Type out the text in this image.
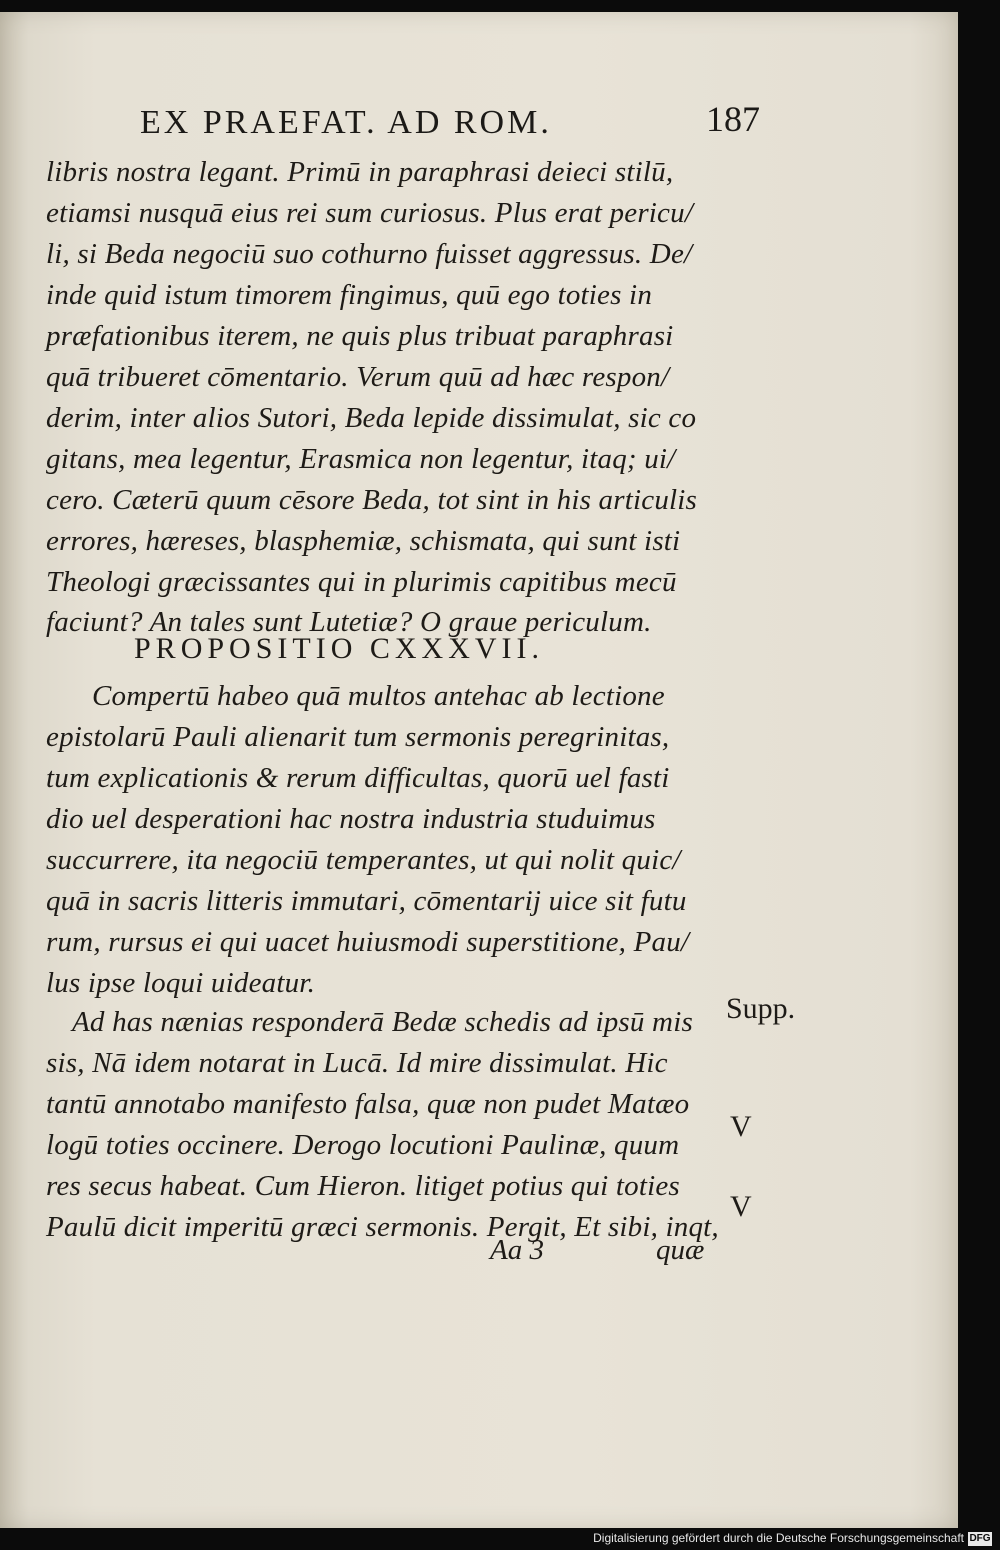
EX PRAEFAT. AD ROM.	187
libris nostra legant. Primū in paraphrasi deieci stilū,
etiamsi nusquā eius rei sum curiosus. Plus erat pericu/
li, si Beda negociū suo cothurno fuisset aggressus. De/
inde quid istum timorem fingimus, quū ego toties in
præfationibus iterem, ne quis plus tribuat paraphrasi
quā tribueret cōmentario. Verum quū ad hæc respon/
derim, inter alios Sutori, Beda lepide dissimulat, sic co
gitans, mea legentur, Erasmica non legentur, itaq; ui/
cero. Cæterū quum cēsore Beda, tot sint in his articulis
errores, hæreses, blasphemiæ, schismata, qui sunt isti
Theologi græcissantes qui in plurimis capitibus mecū
faciunt? An tales sunt Lutetiæ? O graue periculum.
PROPOSITIO CXXXVII.
Compertū habeo quā multos antehac ab lectione
epistolarū Pauli alienarit tum sermonis peregrinitas,
tum explicationis & rerum difficultas, quorū uel fasti
dio uel desperationi hac nostra industria studuimus
succurrere, ita negociū temperantes, ut qui nolit quic/
quā in sacris litteris immutari, cōmentarij uice sit futu
rum, rursus ei qui uacet huiusmodi superstitione, Pau/
lus ipse loqui uideatur.
Ad has nænias responderā Bedæ schedis ad ipsū mis
sis, Nā idem notarat in Lucā. Id mire dissimulat. Hic
tantū annotabo manifesto falsa, quæ non pudet Matæo
logū toties occinere. Derogo locutioni Paulinæ, quum
res secus habeat. Cum Hieron. litiget potius qui toties
Paulū dicit imperitū græci sermonis. Pergit, Et sibi, inqt,
Supp.
V
V
Aa 3	quæ
Digitalisierung gefördert durch die Deutsche Forschungsgemeinschaft DFG
